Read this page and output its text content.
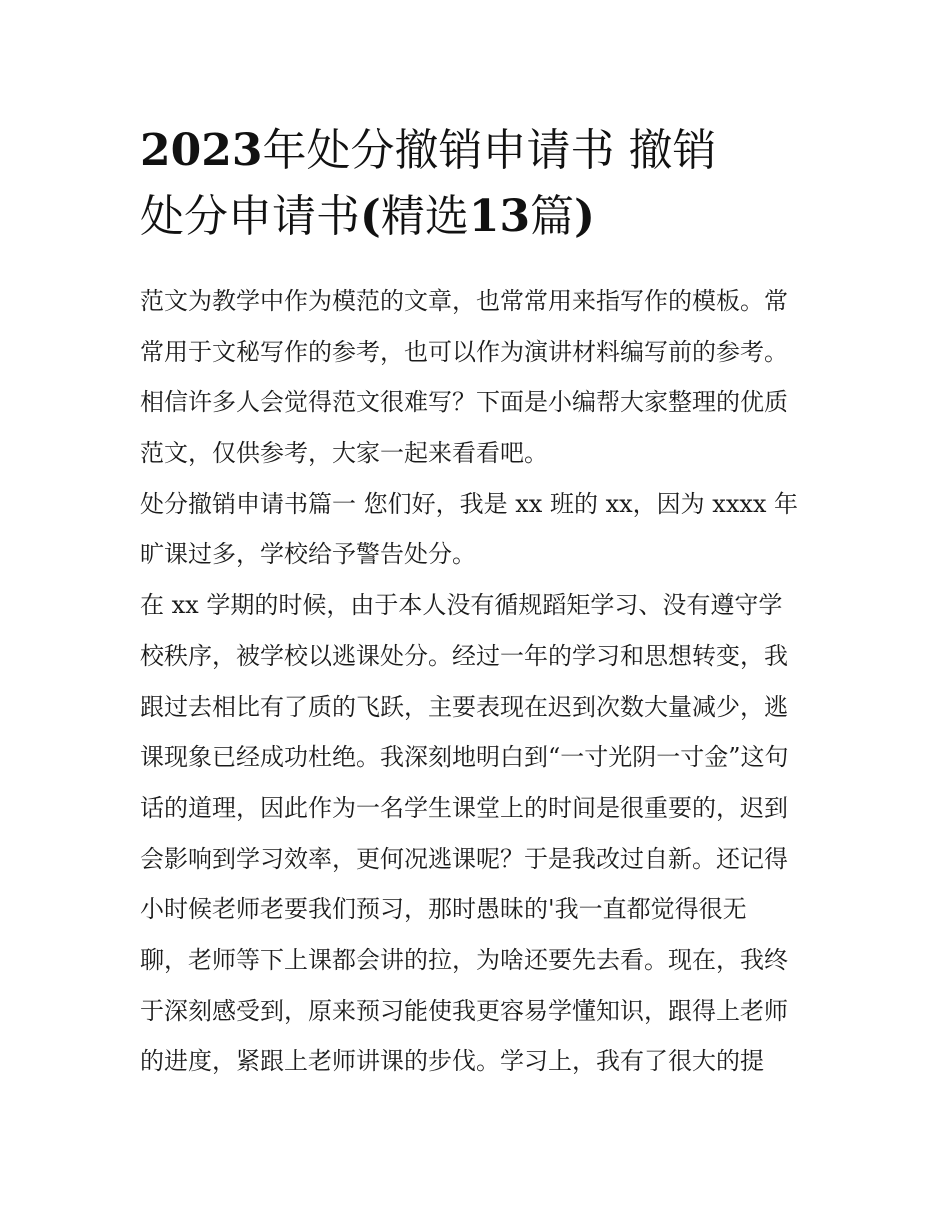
2023年处分撤销申请书 撤销
处分申请书(精选13篇)
范文为教学中作为模范的文章，也常常用来指写作的模板。常
常用于文秘写作的参考，也可以作为演讲材料编写前的参考。
相信许多人会觉得范文很难写？下面是小编帮大家整理的优质
范文，仅供参考，大家一起来看看吧。
处分撤销申请书篇一 您们好，我是 xx 班的 xx，因为 xxxx 年
旷课过多，学校给予警告处分。
在 xx 学期的时候，由于本人没有循规蹈矩学习、没有遵守学
校秩序，被学校以逃课处分。经过一年的学习和思想转变，我
跟过去相比有了质的飞跃，主要表现在迟到次数大量减少，逃
课现象已经成功杜绝。我深刻地明白到“一寸光阴一寸金”这句
话的道理，因此作为一名学生课堂上的时间是很重要的，迟到
会影响到学习效率，更何况逃课呢？于是我改过自新。还记得
小时候老师老要我们预习，那时愚昧的'我一直都觉得很无
聊，老师等下上课都会讲的拉，为啥还要先去看。现在，我终
于深刻感受到，原来预习能使我更容易学懂知识，跟得上老师
的进度，紧跟上老师讲课的步伐。学习上，我有了很大的提
